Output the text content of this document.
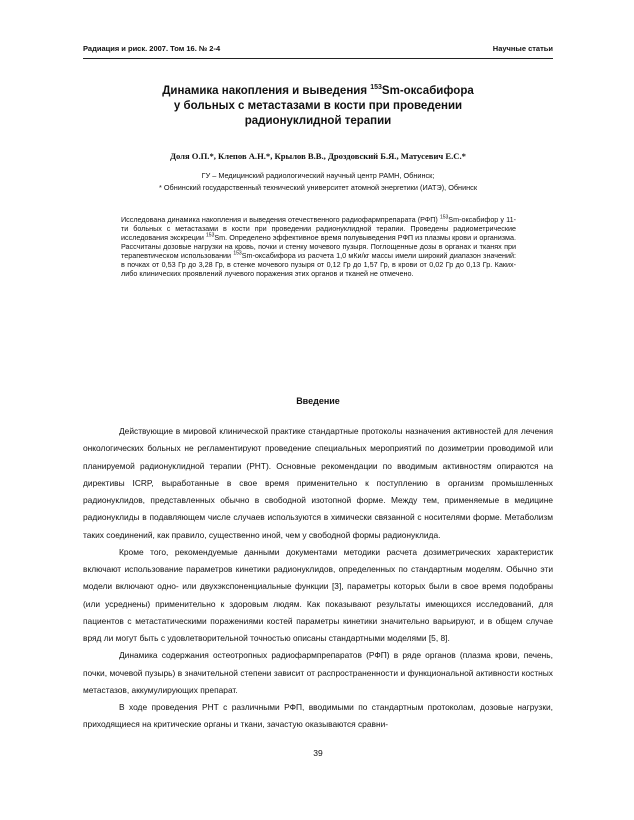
Радиация и риск. 2007. Том 16. № 2-4	Научные статьи
Динамика накопления и выведения $^{153}$Sm-оксабифора
у больных с метастазами в кости при проведении
радионуклидной терапии
Доля О.П.*, Клепов А.Н.*, Крылов В.В., Дроздовский Б.Я., Матусевич Е.С.*
ГУ – Медицинский радиологический научный центр РАМН, Обнинск;
* Обнинский государственный технический университет атомной энергетики (ИАТЭ), Обнинск
Исследована динамика накопления и выведения отечественного радиофармпрепарата (РФП) $^{153}$Sm-оксабифор у 11-ти больных с метастазами в кости при проведении радионуклидной терапии. Проведены радиометрические исследования экскреции $^{153}$Sm. Определено эффективное время полувыведения РФП из плазмы крови и организма. Рассчитаны дозовые нагрузки на кровь, почки и стенку мочевого пузыря. Поглощенные дозы в органах и тканях при терапевтическом использовании $^{153}$Sm-оксабифора из расчета 1,0 мКи/кг массы имели широкий диапазон значений: в почках от 0,53 Гр до 3,28 Гр, в стенке мочевого пузыря от 0,12 Гр до 1,57 Гр, в крови от 0,02 Гр до 0,13 Гр. Каких-либо клинических проявлений лучевого поражения этих органов и тканей не отмечено.
Введение

Действующие в мировой клинической практике стандартные протоколы назначения активностей для лечения онкологических больных не регламентируют проведение специальных мероприятий по дозиметрии проводимой или планируемой радионуклидной терапии (РНТ). Основные рекомендации по вводимым активностям опираются на директивы ICRP, выработанные в свое время применительно к поступлению в организм промышленных радионуклидов, представленных обычно в свободной изотопной форме. Между тем, применяемые в медицине радионуклиды в подавляющем числе случаев используются в химически связанной с носителями форме. Метаболизм таких соединений, как правило, существенно иной, чем у свободной формы радионуклида.

Кроме того, рекомендуемые данными документами методики расчета дозиметрических характеристик включают использование параметров кинетики радионуклидов, определенных по стандартным моделям. Обычно эти модели включают одно- или двухэкспоненциальные функции [3], параметры которых были в свое время подобраны (или усреднены) применительно к здоровым людям. Как показывают результаты имеющихся исследований, для пациентов с метастатическими поражениями костей параметры кинетики значительно варьируют, и в общем случае вряд ли могут быть с удовлетворительной точностью описаны стандартными моделями [5, 8].

Динамика содержания остеотропных радиофармпрепаратов (РФП) в ряде органов (плазма крови, печень, почки, мочевой пузырь) в значительной степени зависит от распространенности и функциональной активности костных метастазов, аккумулирующих препарат.

В ходе проведения РНТ с различными РФП, вводимыми по стандартным протоколам, дозовые нагрузки, приходящиеся на критические органы и ткани, зачастую оказываются сравни-

39
